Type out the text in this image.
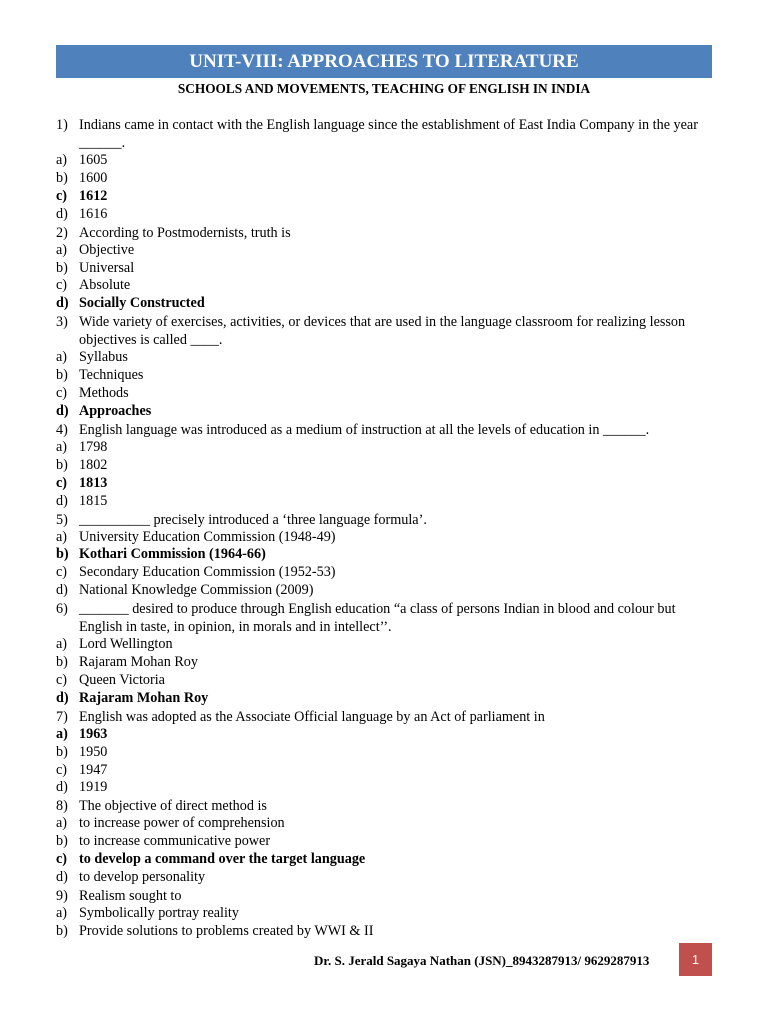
UNIT-VIII: APPROACHES TO LITERATURE
SCHOOLS AND MOVEMENTS, TEACHING OF ENGLISH IN INDIA
1) Indians came in contact with the English language since the establishment of East India Company in the year ______.
a) 1605
b) 1600
c) 1612
d) 1616
2) According to Postmodernists, truth is
a) Objective
b) Universal
c) Absolute
d) Socially Constructed
3) Wide variety of exercises, activities, or devices that are used in the language classroom for realizing lesson objectives is called ____.
a) Syllabus
b) Techniques
c) Methods
d) Approaches
4) English language was introduced as a medium of instruction at all the levels of education in ______.
a) 1798
b) 1802
c) 1813
d) 1815
5) __________ precisely introduced a ‘three language formula’.
a) University Education Commission (1948-49)
b) Kothari Commission (1964-66)
c) Secondary Education Commission (1952-53)
d) National Knowledge Commission (2009)
6) _______ desired to produce through English education “a class of persons Indian in blood and colour but English in taste, in opinion, in morals and in intellect’’.
a) Lord Wellington
b) Rajaram Mohan Roy
c) Queen Victoria
d) Rajaram Mohan Roy
7) English was adopted as the Associate Official language by an Act of parliament in
a) 1963
b) 1950
c) 1947
d) 1919
8) The objective of direct method is
a) to increase power of comprehension
b) to increase communicative power
c) to develop a command over the target language
d) to develop personality
9) Realism sought to
a) Symbolically portray reality
b) Provide solutions to problems created by WWI & II
Dr. S. Jerald Sagaya Nathan (JSN)_8943287913/ 9629287913	1
